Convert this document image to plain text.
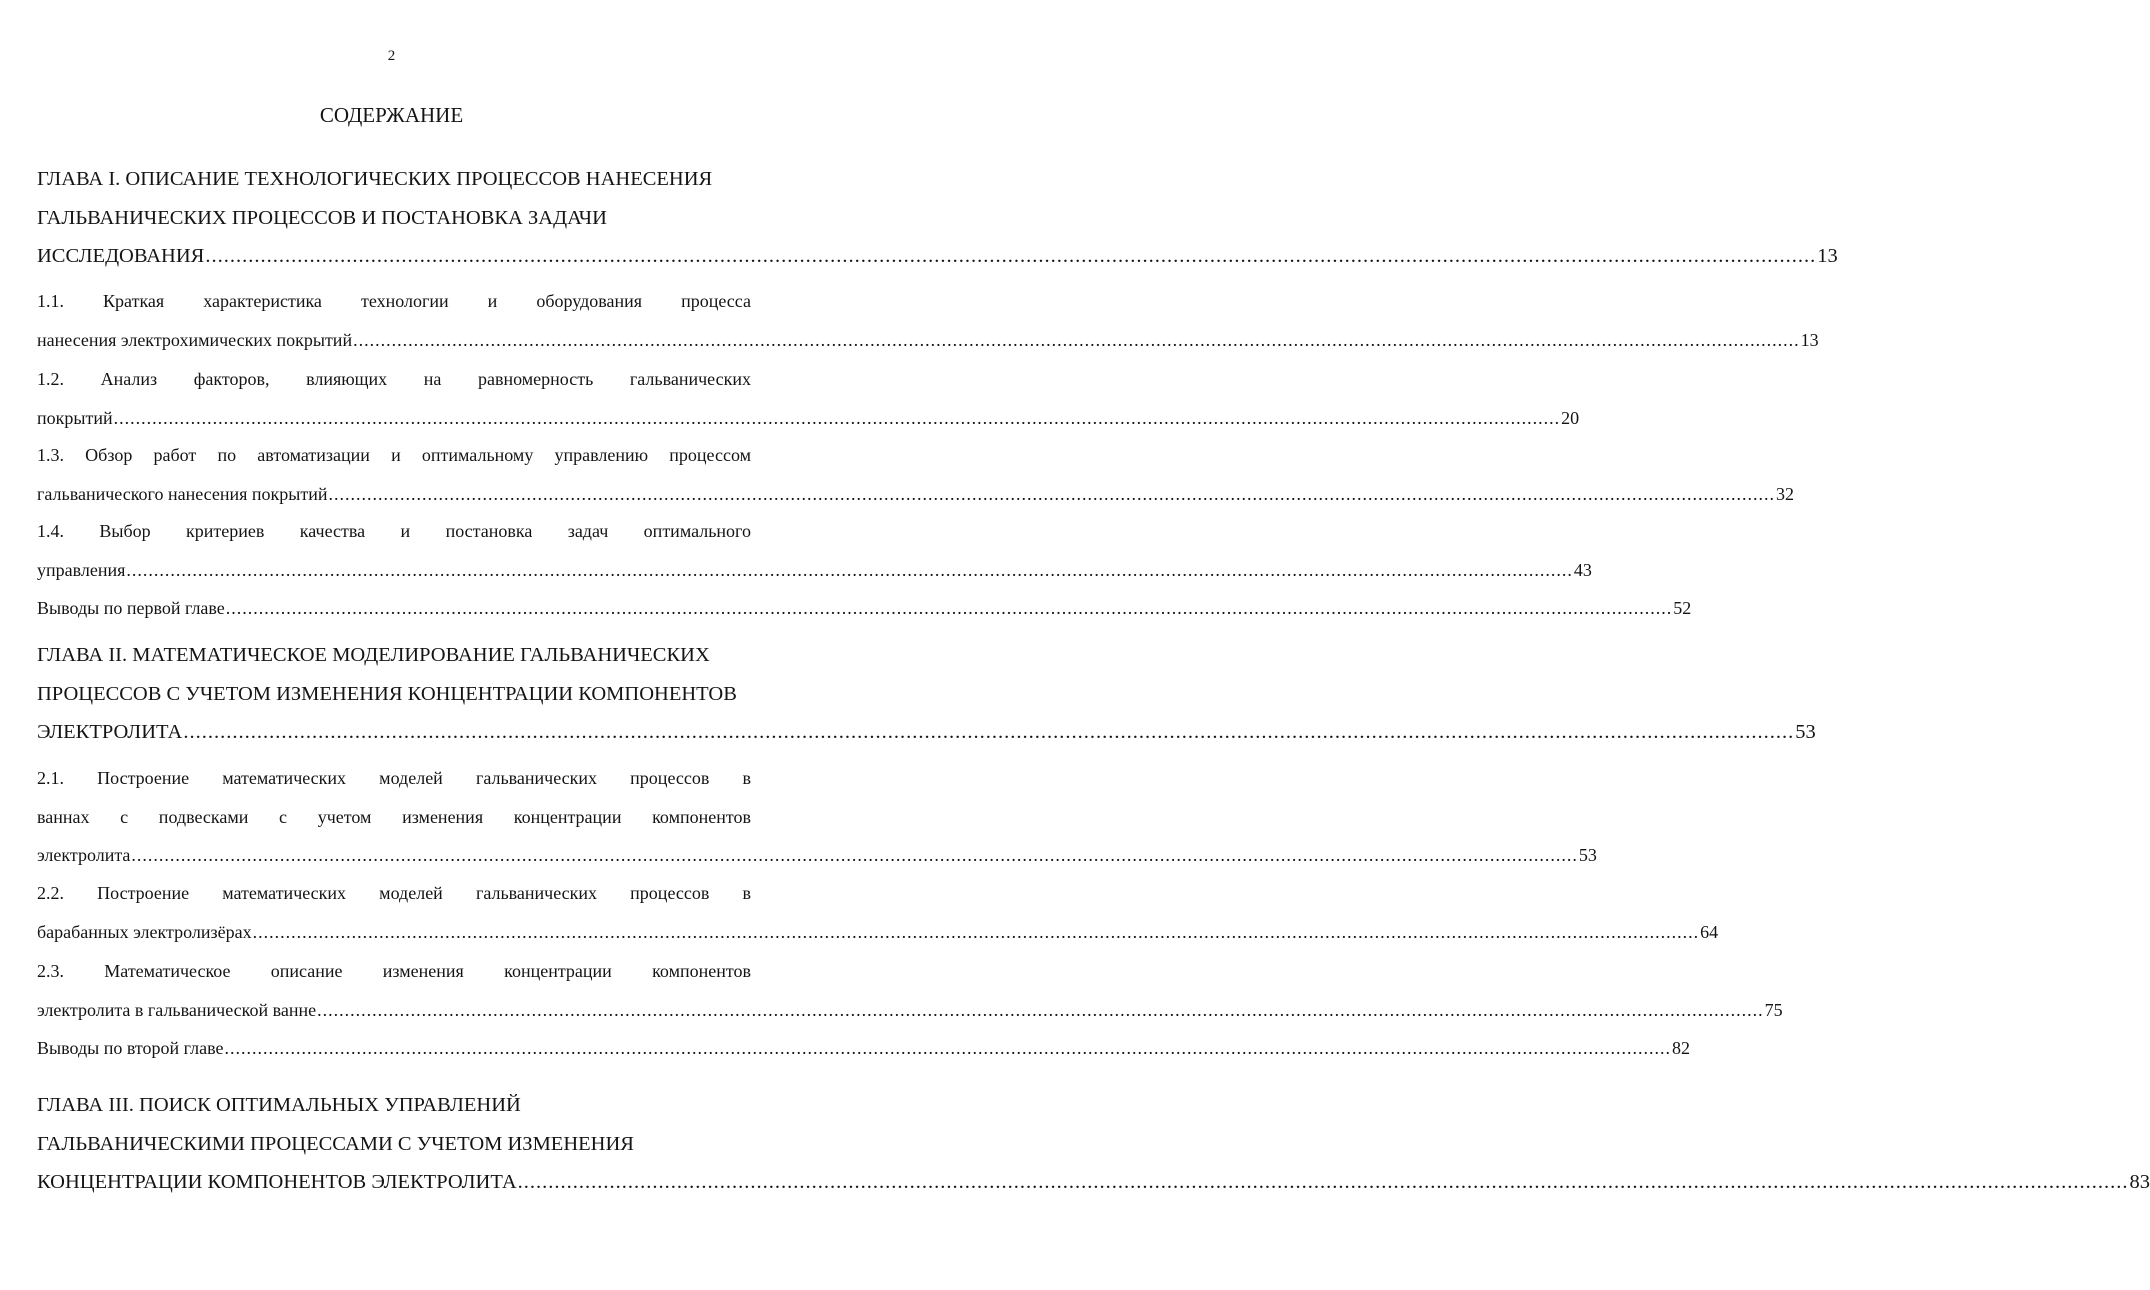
2
СОДЕРЖАНИЕ
ГЛАВА I. ОПИСАНИЕ ТЕХНОЛОГИЧЕСКИХ ПРОЦЕССОВ НАНЕСЕНИЯ
ГАЛЬВАНИЧЕСКИХ ПРОЦЕССОВ И ПОСТАНОВКА ЗАДАЧИ
ИССЛЕДОВАНИЯ ....................................................................................................................................................................................................................................................................... 13
1.1. Краткая характеристика технологии и оборудования процесса
нанесения электрохимических покрытий ....................................................................................................................................................................................................................................................................... 13
1.2. Анализ факторов, влияющих на равномерность гальванических
покрытий ....................................................................................................................................................................................................................................................................... 20
1.3. Обзор работ по автоматизации и оптимальному управлению процессом
гальванического нанесения покрытий ....................................................................................................................................................................................................................................................................... 32
1.4. Выбор критериев качества и постановка задач оптимального
управления ....................................................................................................................................................................................................................................................................... 43
Выводы по первой главе ....................................................................................................................................................................................................................................................................... 52
ГЛАВА II. МАТЕМАТИЧЕСКОЕ МОДЕЛИРОВАНИЕ ГАЛЬВАНИЧЕСКИХ
ПРОЦЕССОВ С УЧЕТОМ ИЗМЕНЕНИЯ КОНЦЕНТРАЦИИ КОМПОНЕНТОВ
ЭЛЕКТРОЛИТА ....................................................................................................................................................................................................................................................................... 53
2.1. Построение математических моделей гальванических процессов в
ваннах с подвесками с учетом изменения концентрации компонентов
электролита ....................................................................................................................................................................................................................................................................... 53
2.2. Построение математических моделей гальванических процессов в
барабанных электролизёрах ....................................................................................................................................................................................................................................................................... 64
2.3. Математическое описание изменения концентрации компонентов
электролита в гальванической ванне ....................................................................................................................................................................................................................................................................... 75
Выводы по второй главе ....................................................................................................................................................................................................................................................................... 82
ГЛАВА III. ПОИСК ОПТИМАЛЬНЫХ УПРАВЛЕНИЙ
ГАЛЬВАНИЧЕСКИМИ ПРОЦЕССАМИ С УЧЕТОМ ИЗМЕНЕНИЯ
КОНЦЕНТРАЦИИ КОМПОНЕНТОВ ЭЛЕКТРОЛИТА ....................................................................................................................................................................................................................................................................... 83
